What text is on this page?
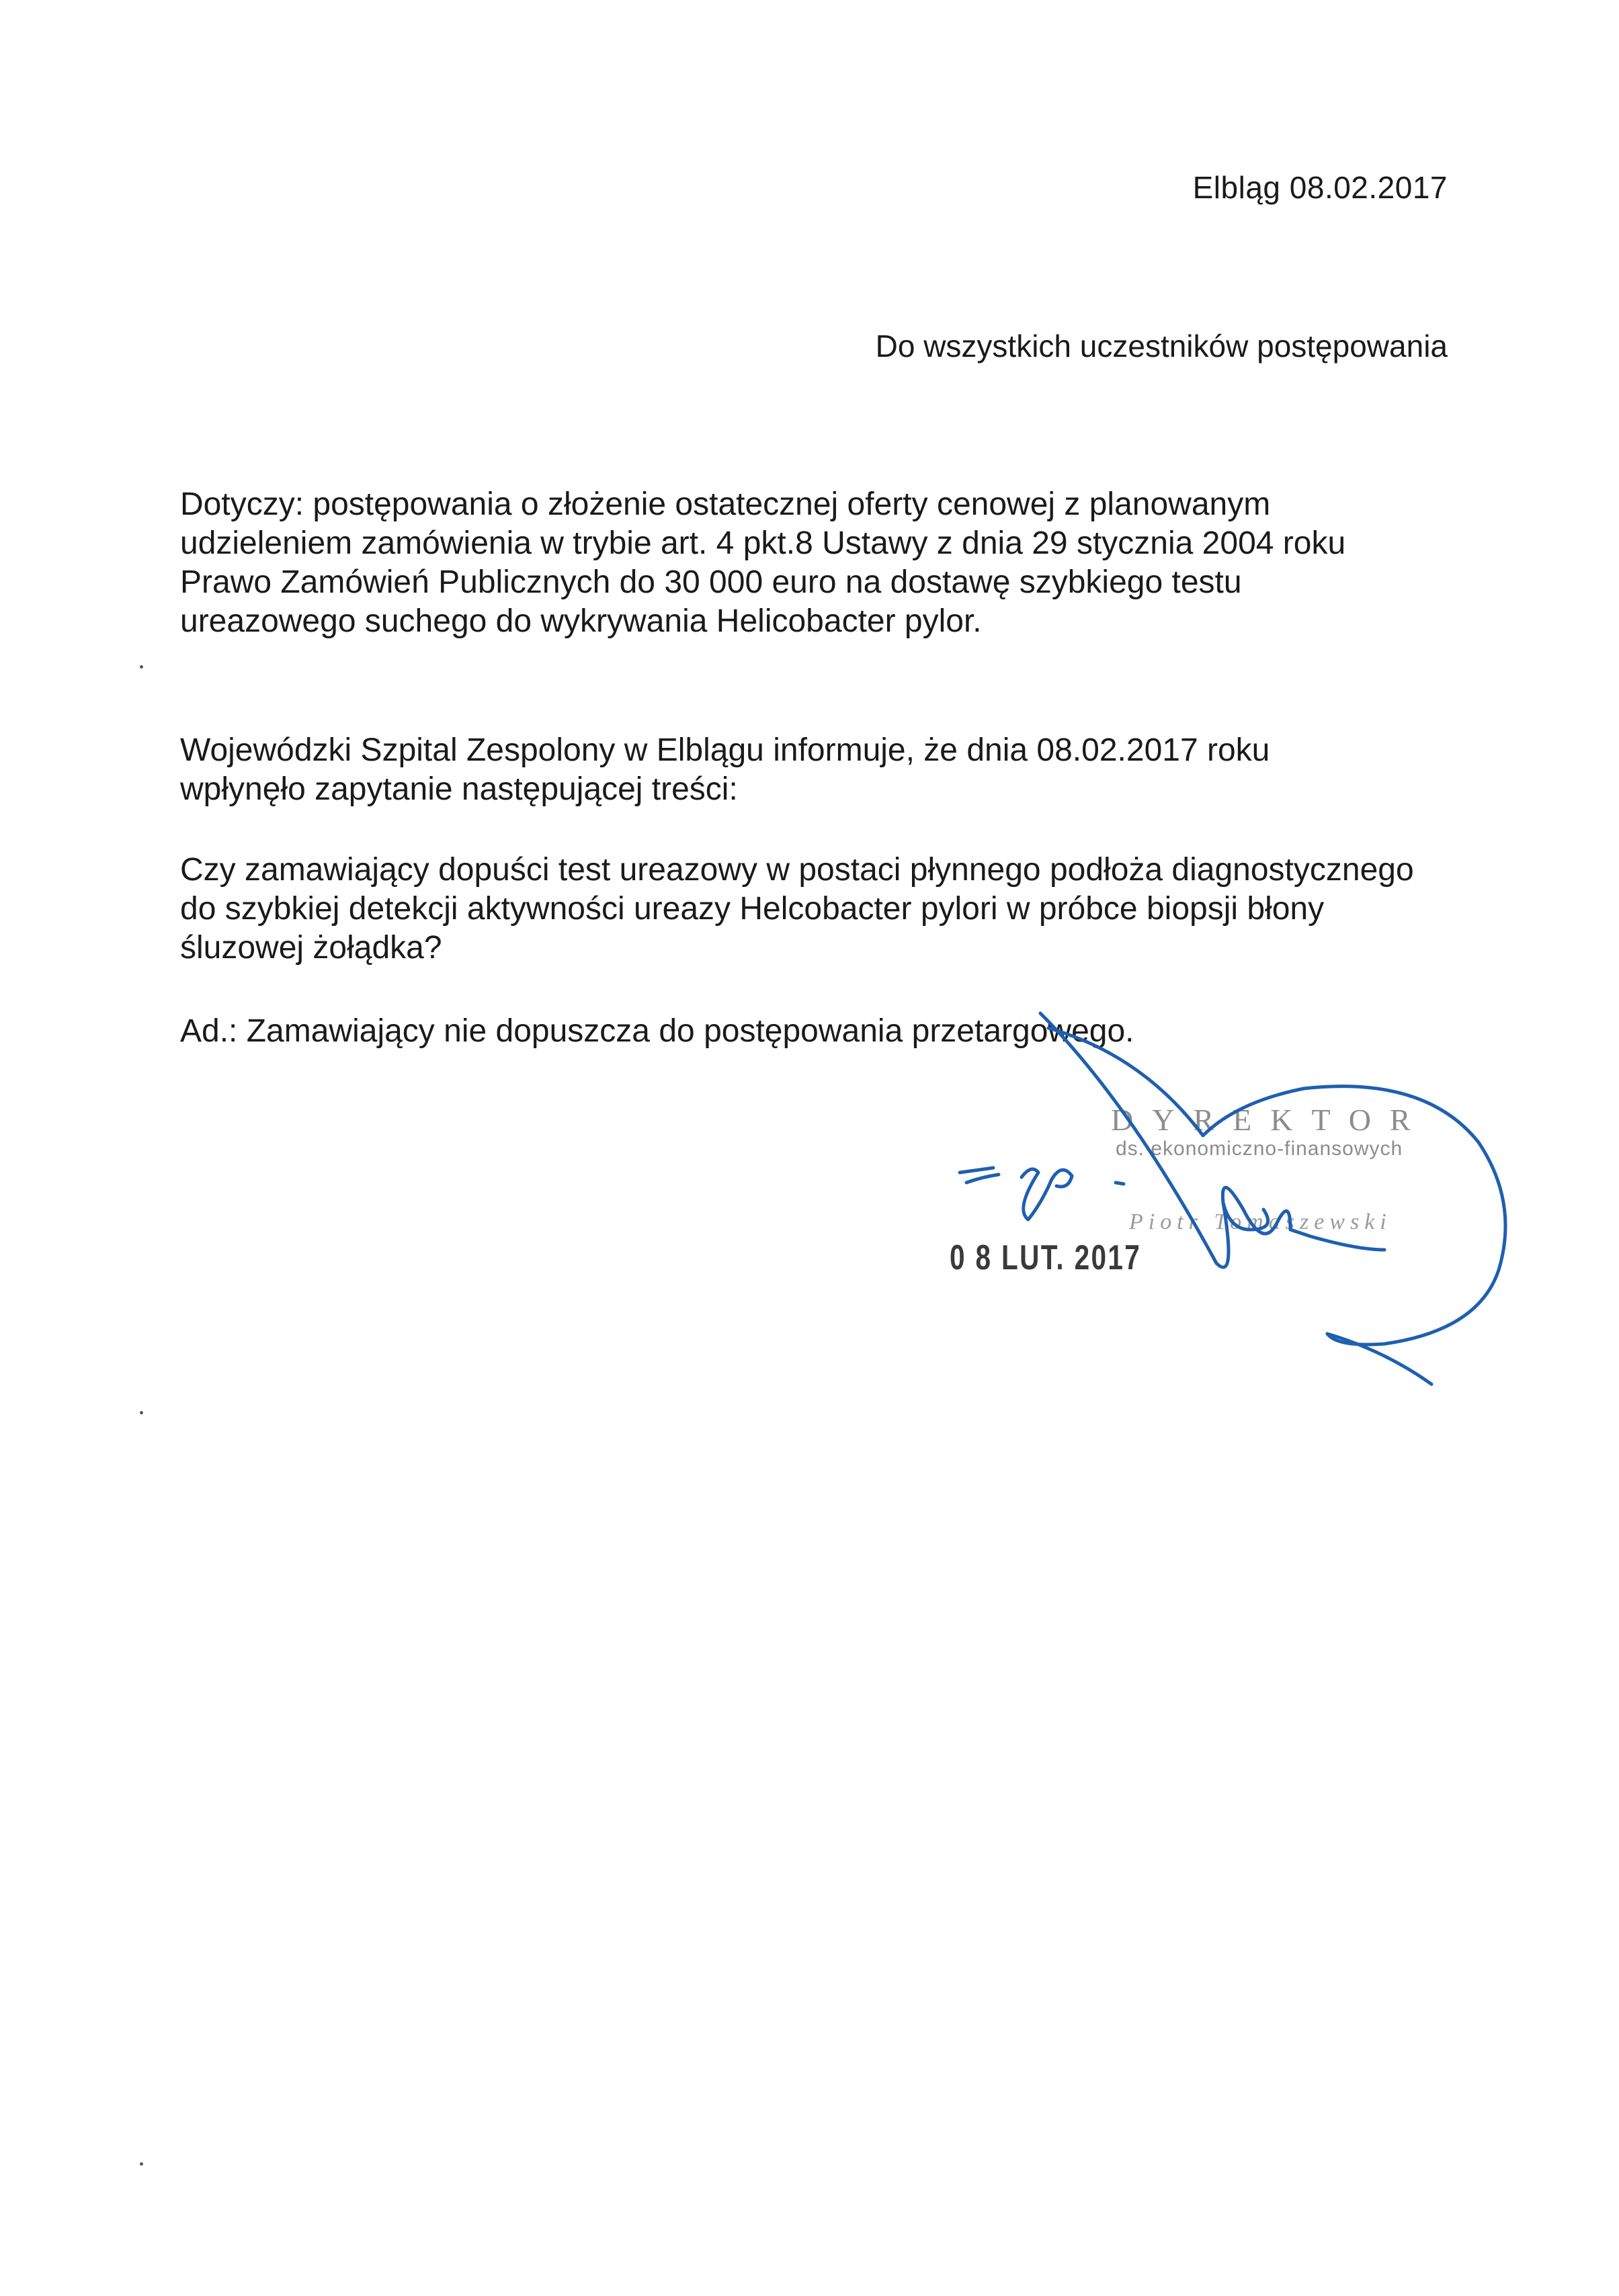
Elbląg 08.02.2017
Do wszystkich uczestników postępowania

Dotyczy: postępowania o złożenie ostatecznej oferty cenowej z planowanym

udzieleniem zamówienia w trybie art. 4 pkt.8 Ustawy z dnia 29 stycznia 2004 roku

Prawo Zamówień Publicznych do 30 000 euro na dostawę szybkiego testu

ureazowego suchego do wykrywania Helicobacter pylor.

Wojewódzki Szpital Zespolony w Elblągu informuje, że dnia 08.02.2017 roku

wpłynęło zapytanie następującej treści:

Czy zamawiający dopuści test ureazowy w postaci płynnego podłoża diagnostycznego

do szybkiej detekcji aktywności ureazy Helcobacter pylori w próbce biopsji błony

śluzowej żołądka?

Ad.: Zamawiający nie dopuszcza do postępowania przetargowego.

DYREKTOR
ds. ekonomiczno-finansowych
Piotr Tomaszewski
0 8 LUT. 2017
